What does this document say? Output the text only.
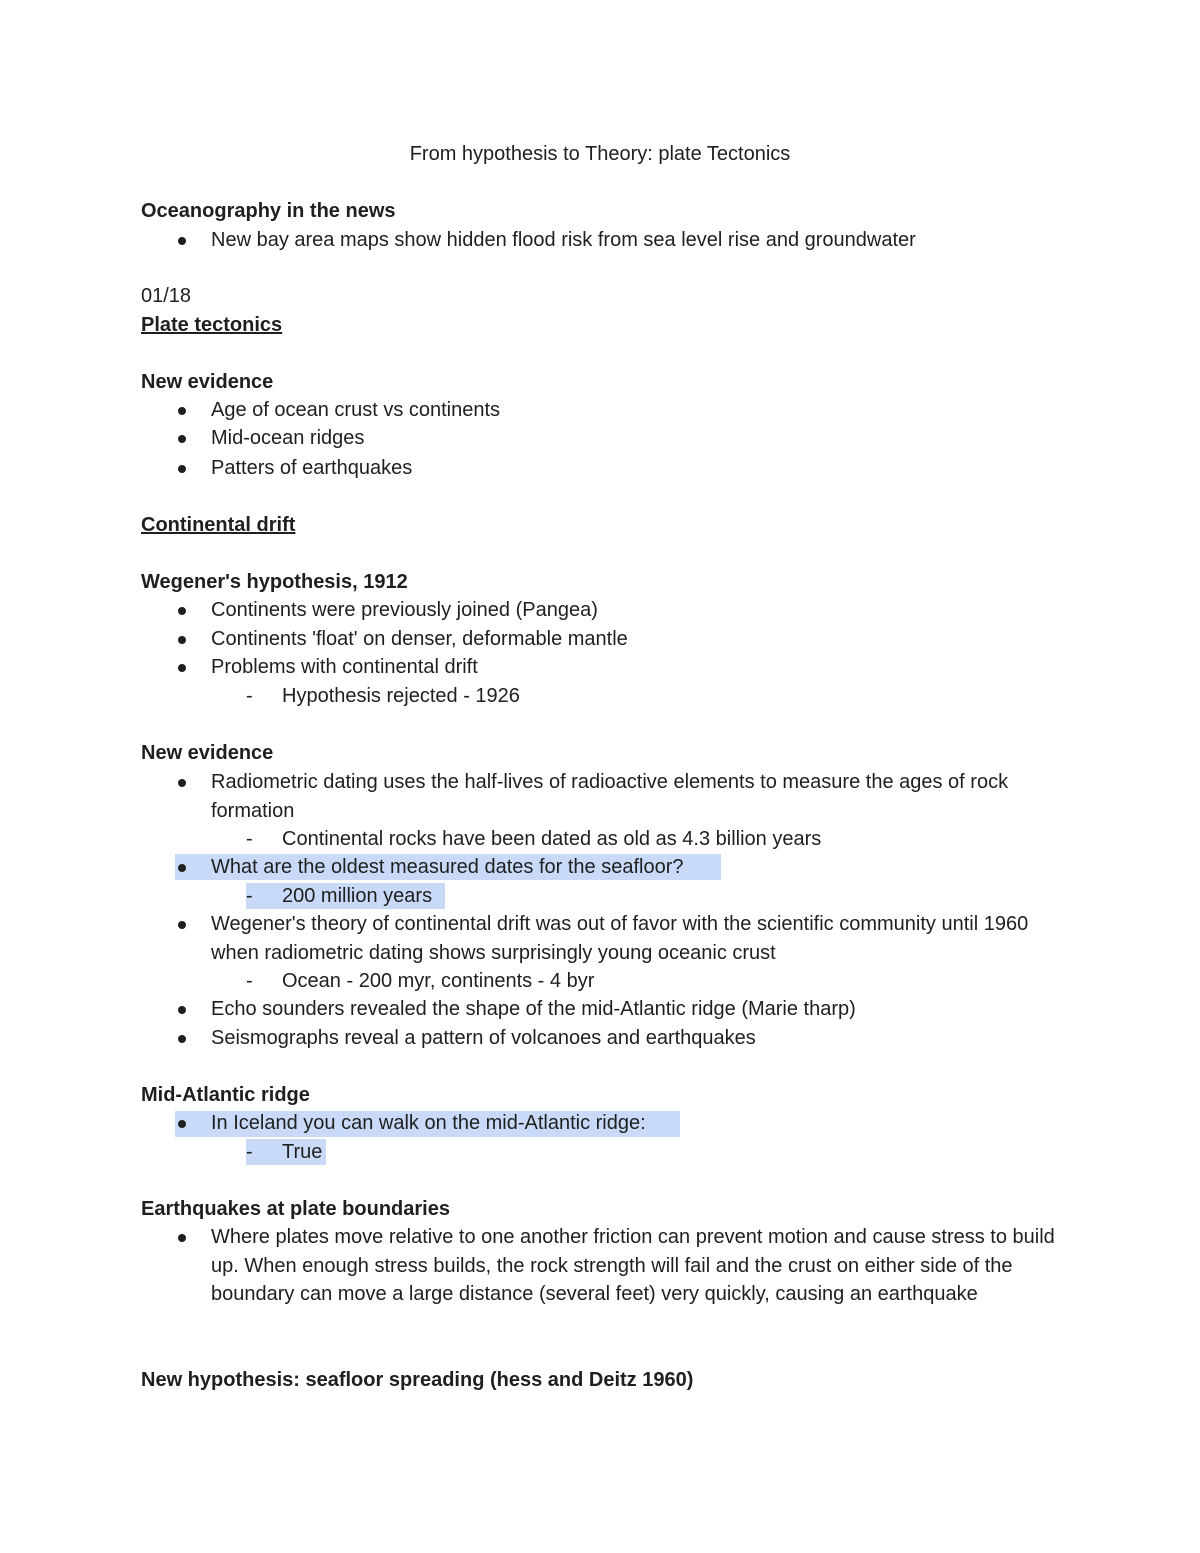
From hypothesis to Theory: plate Tectonics
Oceanography in the news
New bay area maps show hidden flood risk from sea level rise and groundwater
01/18
Plate tectonics
New evidence
Age of ocean crust vs continents
Mid-ocean ridges
Patters of earthquakes
Continental drift
Wegener's hypothesis, 1912
Continents were previously joined (Pangea)
Continents 'float' on denser, deformable mantle
Problems with continental drift
- Hypothesis rejected - 1926
New evidence
Radiometric dating uses the half-lives of radioactive elements to measure the ages of rock formation
- Continental rocks have been dated as old as 4.3 billion years
What are the oldest measured dates for the seafloor?
- 200 million years
Wegener's theory of continental drift was out of favor with the scientific community until 1960 when radiometric dating shows surprisingly young oceanic crust
- Ocean - 200 myr, continents - 4 byr
Echo sounders revealed the shape of the mid-Atlantic ridge (Marie tharp)
Seismographs reveal a pattern of volcanoes and earthquakes
Mid-Atlantic ridge
In Iceland you can walk on the mid-Atlantic ridge:
- True
Earthquakes at plate boundaries
Where plates move relative to one another friction can prevent motion and cause stress to build up. When enough stress builds, the rock strength will fail and the crust on either side of the boundary can move a large distance (several feet) very quickly, causing an earthquake
New hypothesis: seafloor spreading (hess and Deitz 1960)
